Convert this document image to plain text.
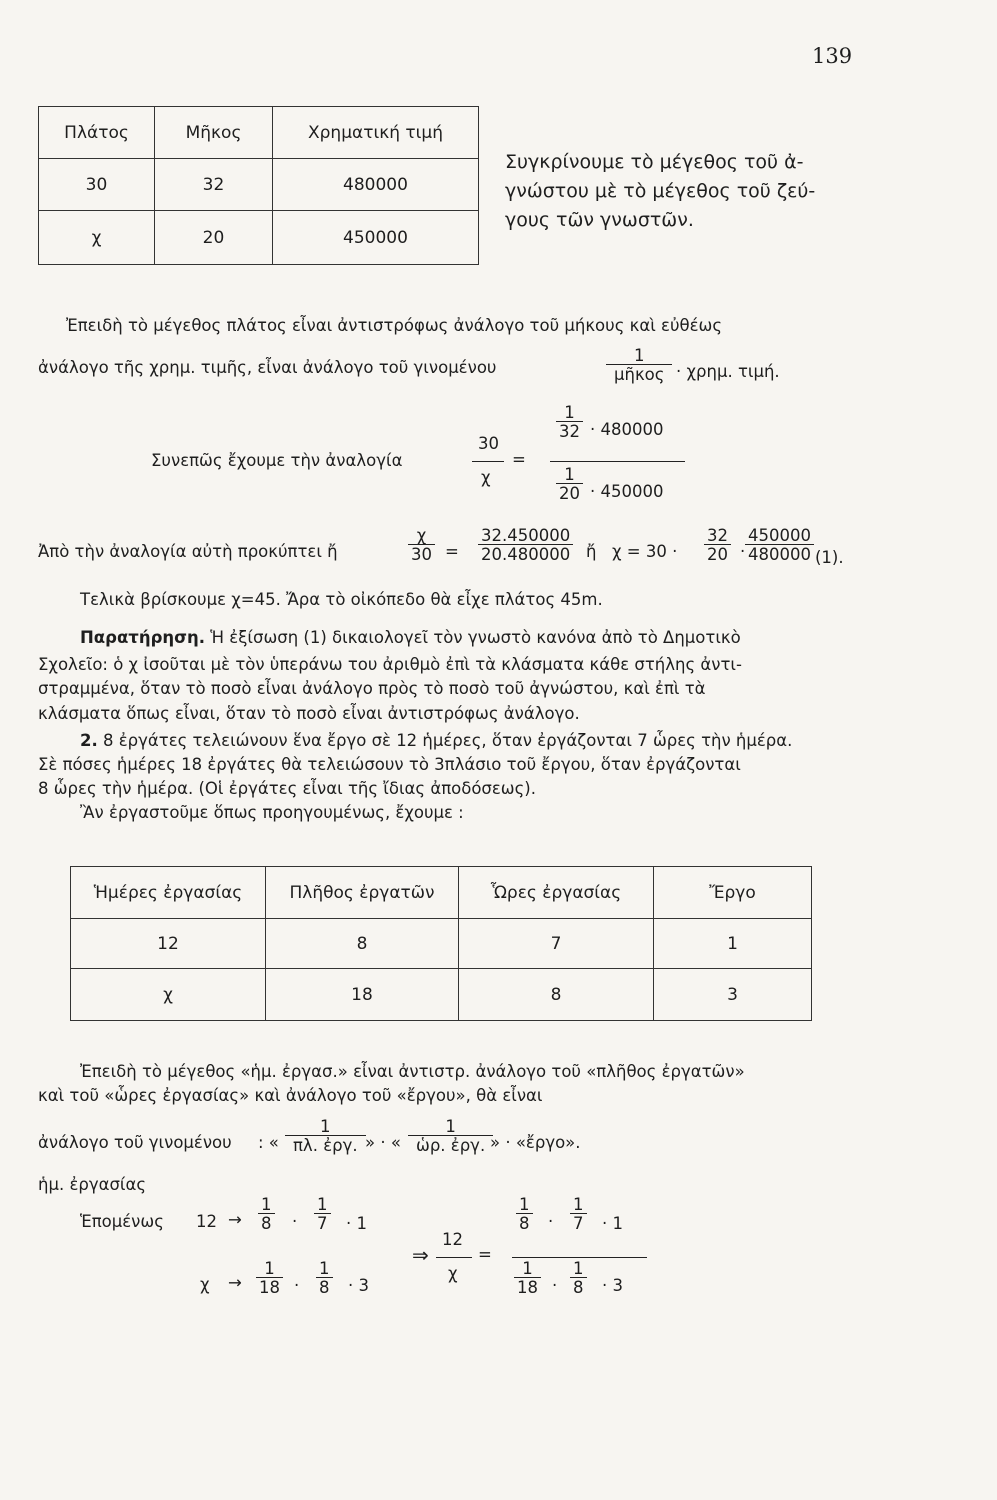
139
Πλάτος	Μῆκος	Χρηματική τιμή
30	32	480000
χ	20	450000
Συγκρίνουμε τὸ μέγεθος τοῦ ἀ-
γνώστου μὲ τὸ μέγεθος τοῦ ζεύ-
γους τῶν γνωστῶν.
Ἐπειδὴ τὸ μέγεθος πλάτος εἶναι ἀντιστρόφως ἀνάλογο τοῦ μήκους καὶ εὐθέως
ἀνάλογο τῆς χρημ. τιμῆς, εἶναι ἀνάλογο τοῦ γινομένου
1
μῆκος · χρημ. τιμή.
Συνεπῶς ἔχουμε τὴν ἀναλογία
30
χ
=
$\frac{1}{32} \cdot 480000$
$\frac{1}{20} \cdot 450000$
Ἀπὸ τὴν ἀναλογία αὐτὴ προκύπτει ἤ	$\frac{\chi}{30} = \frac{32.450000}{20.480000}$ ἤ $\chi = 30 \cdot \frac{32}{20} \cdot \frac{450000}{480000} (1)$.
Τελικὰ βρίσκουμε χ=45. Ἄρα τὸ οἰκόπεδο θὰ εἶχε πλάτος 45m.
Παρατήρηση. Ἡ ἐξίσωση (1) δικαιολογεῖ τὸν γνωστὸ κανόνα ἀπὸ τὸ Δημοτικὸ
Σχολεῖο: ὁ χ ἰσοῦται μὲ τὸν ὑπεράνω του ἀριθμὸ ἐπὶ τὰ κλάσματα κάθε στήλης ἀντι-
στραμμένα, ὅταν τὸ ποσὸ εἶναι ἀνάλογο πρὸς τὸ ποσὸ τοῦ ἀγνώστου, καὶ ἐπὶ τὰ
κλάσματα ὅπως εἶναι, ὅταν τὸ ποσὸ εἶναι ἀντιστρόφως ἀνάλογο.
2. 8 ἐργάτες τελειώνουν ἕνα ἔργο σὲ 12 ἡμέρες, ὅταν ἐργάζονται 7 ὧρες τὴν ἡμέρα.
Σὲ πόσες ἡμέρες 18 ἐργάτες θὰ τελειώσουν τὸ 3πλάσιο τοῦ ἔργου, ὅταν ἐργάζονται
8 ὧρες τὴν ἡμέρα. (Οἱ ἐργάτες εἶναι τῆς ἴδιας ἀποδόσεως).
Ἂν ἐργαστοῦμε ὅπως προηγουμένως, ἔχουμε :
Ἡμέρες ἐργασίας	Πλῆθος ἐργατῶν	Ὧρες ἐργασίας	Ἔργο
12	8	7	1
χ	18	8	3
Ἐπειδὴ τὸ μέγεθος «ἡμ. ἐργασ.» εἶναι ἀντιστρ. ἀνάλογο τοῦ «πλῆθος ἐργατῶν»
καὶ τοῦ «ὧρες ἐργασίας» καὶ ἀνάλογο τοῦ «ἔργου», θὰ εἶναι
ἀνάλογο τοῦ γινομένου : «
1
πλ. ἐργ. » · «
1
ὡρ. ἐργ. » · «ἔργο».
ἡμ. ἐργασίας
Ἑπομένως $12 \to \frac{1}{8} \cdot \frac{1}{7} \cdot 1$
$\chi \to \frac{1}{18} \cdot \frac{1}{8} \cdot 3$
⇒
12
χ
=
$\frac{1}{8} \cdot \frac{1}{7} \cdot 1$
$\frac{1}{18} \cdot \frac{1}{8} \cdot 3$
